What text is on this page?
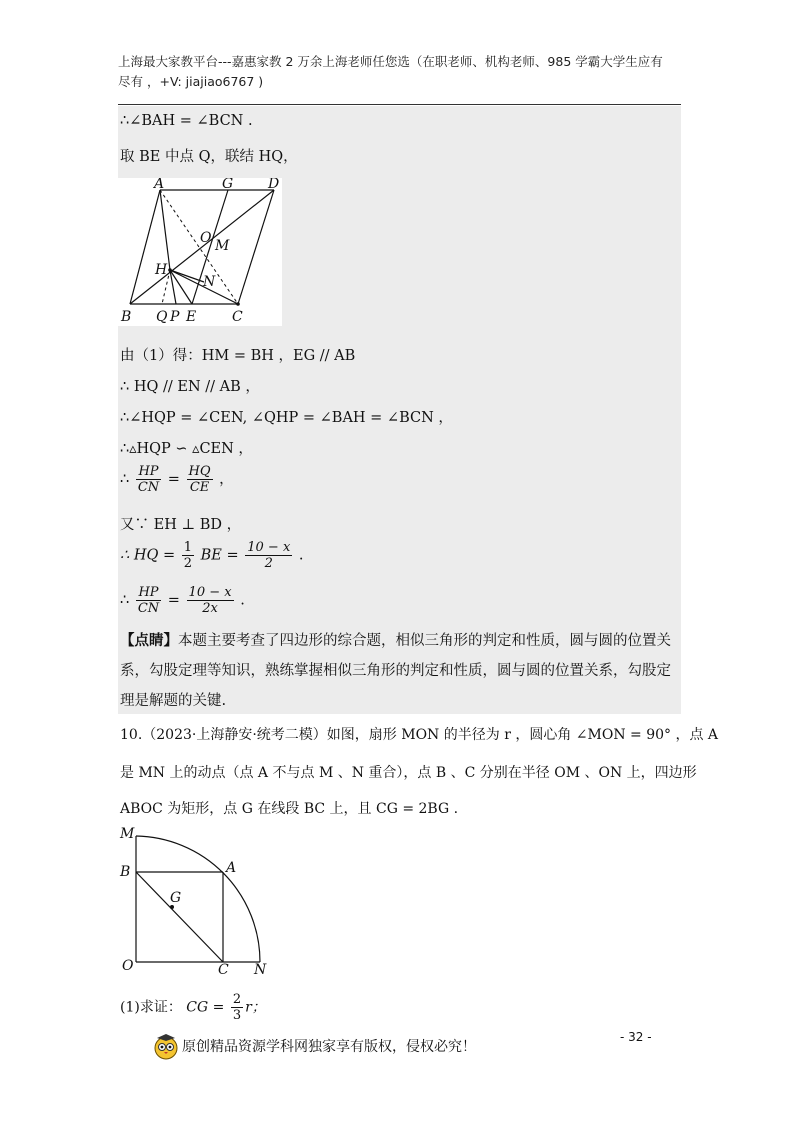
上海最大家教平台---嘉惠家教 2 万余上海老师任您选（在职老师、机构老师、985 学霸大学生应有
尽有 ，+V: jiajiao6767 )
∴∠BAH = ∠BCN .
取 BE 中点 Q，联结 HQ，
A	G D
O M
H
N
B Q P E	C
由（1）得：HM = BH ，EG // AB
∴ HQ // EN // AB ，
∴∠HQP = ∠CEN, ∠QHP = ∠BAH = ∠BCN ，
∴▵HQP ∽ ▵CEN ，
∴ $\frac{HP}{CN} = \frac{HQ}{CE}$ ，
又∵ EH ⊥ BD ，
∴ HQ = $\frac{1}{2}$ BE = $\frac{10 - x}{2}$ .
∴ $\frac{HP}{CN} = \frac{10 - x}{2x}$ .
【点睛】本题主要考查了四边形的综合题，相似三角形的判定和性质，圆与圆的位置关系，勾股定理等知识，熟练掌握相似三角形的判定和性质，圆与圆的位置关系，勾股定理是解题的关键.
10.（2023·上海静安·统考二模）如图，扇形 MON 的半径为 r ，圆心角 ∠MON = 90° ，点 A
是 MN 上的动点（点 A 不与点 M 、N 重合），点 B 、C 分别在半径 OM 、ON 上，四边形
ABOC 为矩形，点 G 在线段 BC 上，且 CG = 2BG .
M
B	A
G
O	C N
(1)求证： CG = $\frac{2}{3}$ r；
原创精品资源学科网独家享有版权，侵权必究！
- 32 -
